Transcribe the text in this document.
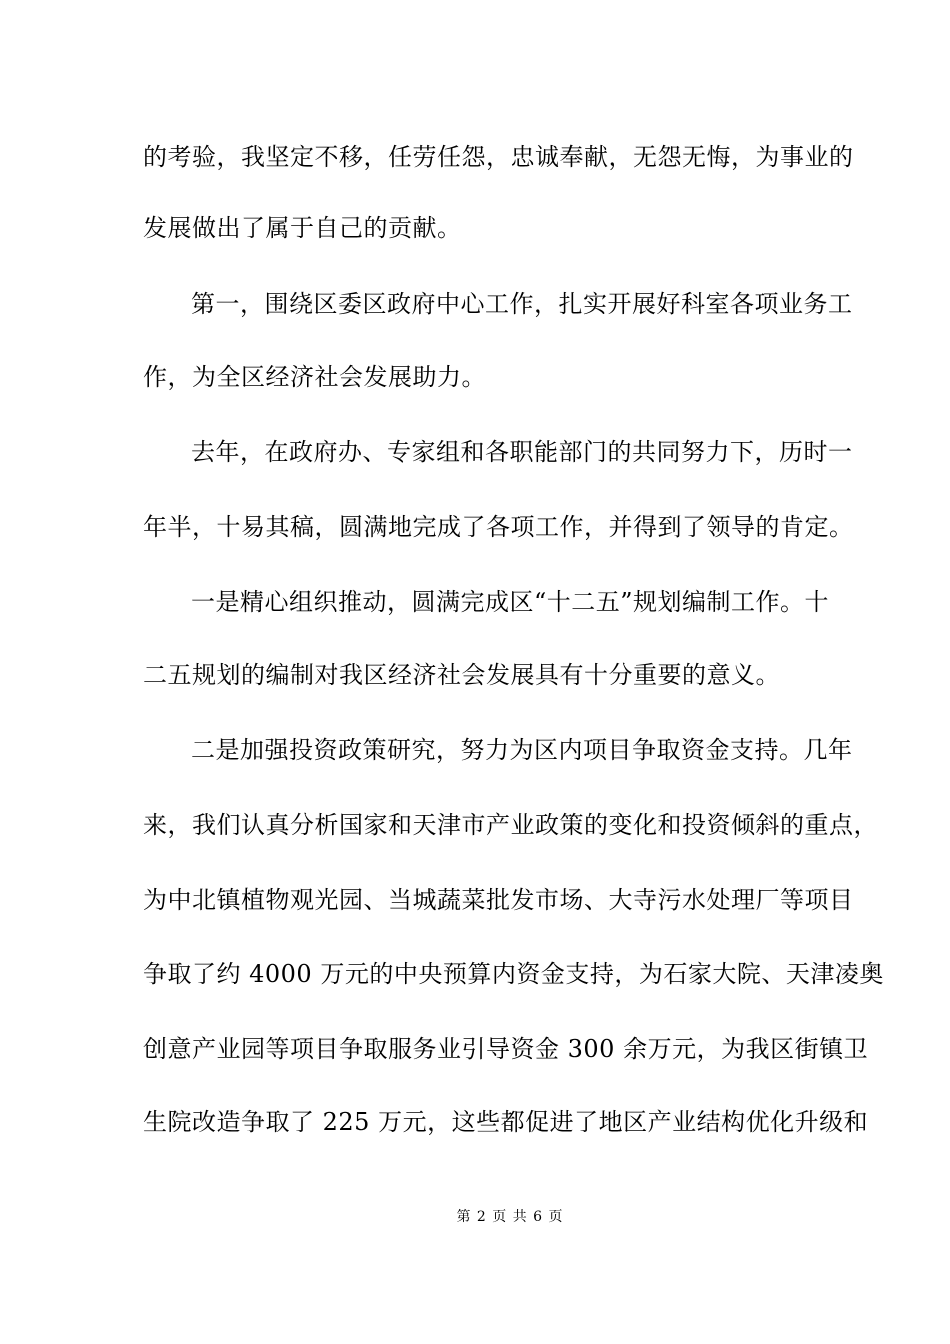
的考验，我坚定不移，任劳任怨，忠诚奉献，无怨无悔，为事业的
发展做出了属于自己的贡献。
第一，围绕区委区政府中心工作，扎实开展好科室各项业务工
作，为全区经济社会发展助力。
去年，在政府办、专家组和各职能部门的共同努力下，历时一
年半，十易其稿，圆满地完成了各项工作，并得到了领导的肯定。
一是精心组织推动，圆满完成区“十二五”规划编制工作。十
二五规划的编制对我区经济社会发展具有十分重要的意义。
二是加强投资政策研究，努力为区内项目争取资金支持。几年
来，我们认真分析国家和天津市产业政策的变化和投资倾斜的重点，
为中北镇植物观光园、当城蔬菜批发市场、大寺污水处理厂等项目
争取了约 4000 万元的中央预算内资金支持，为石家大院、天津凌奥
创意产业园等项目争取服务业引导资金 300 余万元，为我区街镇卫
生院改造争取了 225 万元，这些都促进了地区产业结构优化升级和
第 2 页 共 6 页
